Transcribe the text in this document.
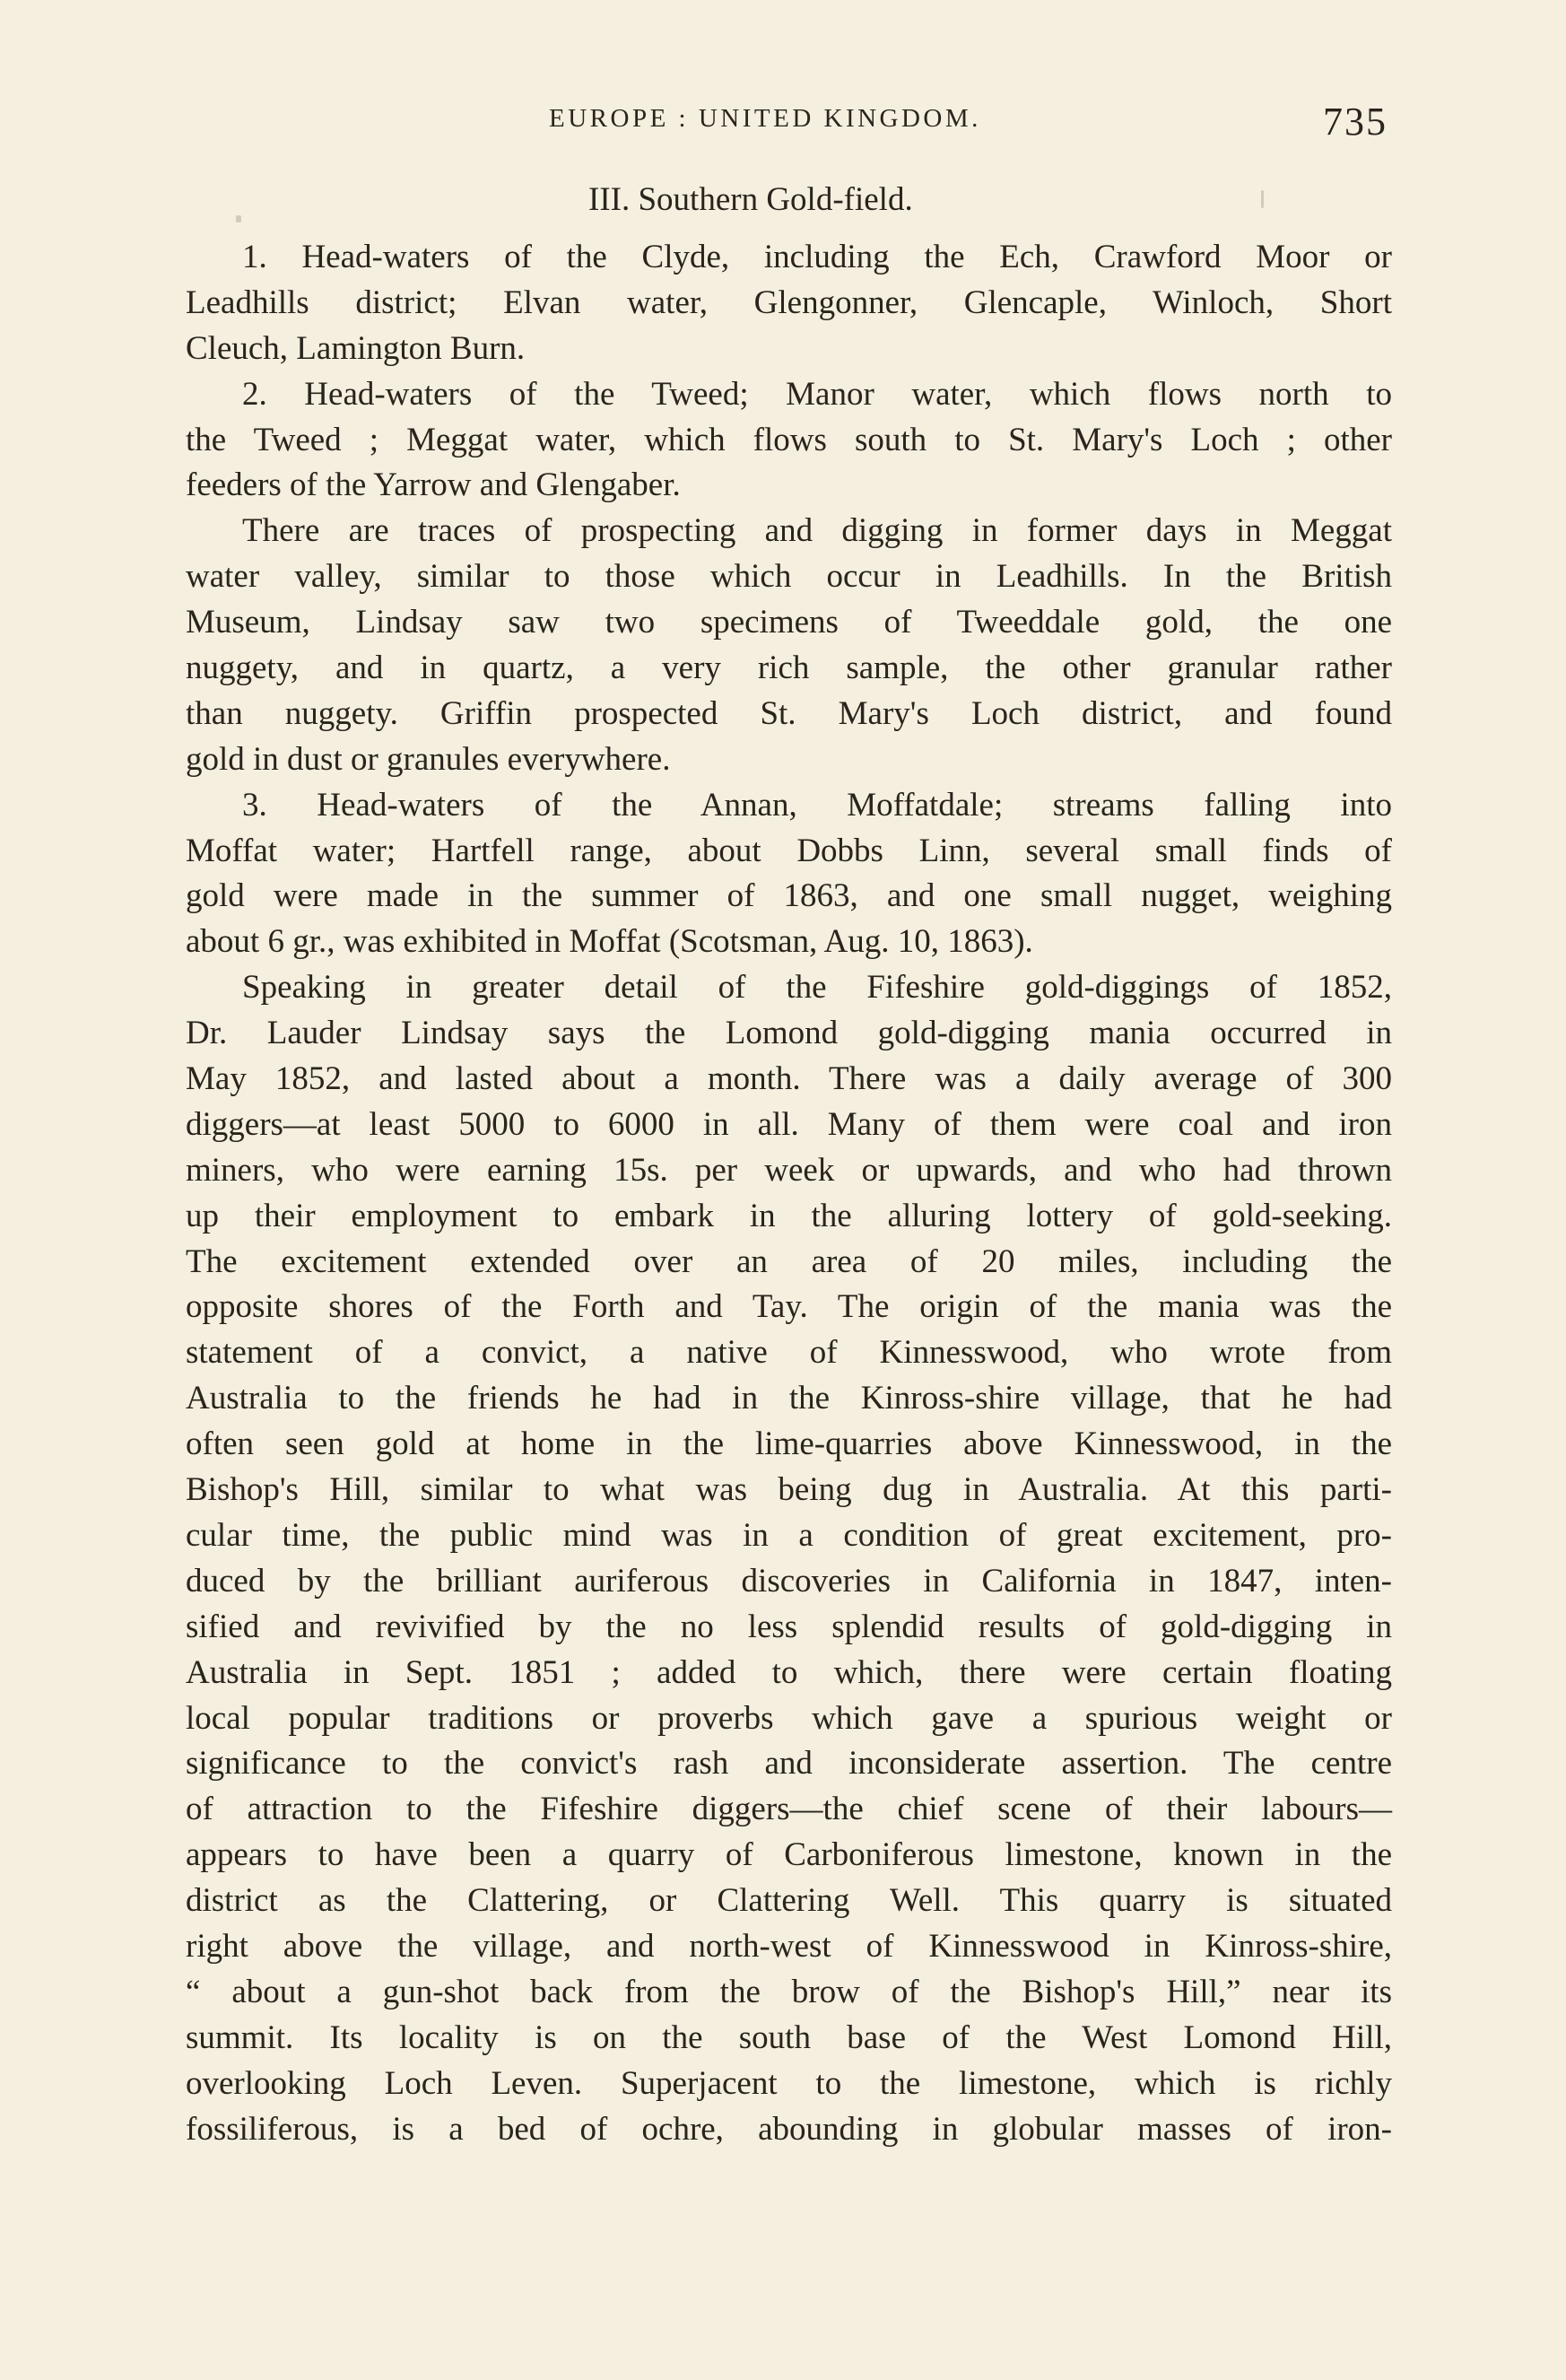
EUROPE : UNITED KINGDOM.	735
III. Southern Gold-field.
1. Head-waters of the Clyde, including the Ech, Crawford Moor or
Leadhills district; Elvan water, Glengonner, Glencaple, Winloch, Short
Cleuch, Lamington Burn.
2. Head-waters of the Tweed; Manor water, which flows north to
the Tweed ; Meggat water, which flows south to St. Mary's Loch ; other
feeders of the Yarrow and Glengaber.
There are traces of prospecting and digging in former days in Meggat
water valley, similar to those which occur in Leadhills. In the British
Museum, Lindsay saw two specimens of Tweeddale gold, the one
nuggety, and in quartz, a very rich sample, the other granular rather
than nuggety. Griffin prospected St. Mary's Loch district, and found
gold in dust or granules everywhere.
3. Head-waters of the Annan, Moffatdale; streams falling into
Moffat water; Hartfell range, about Dobbs Linn, several small finds of
gold were made in the summer of 1863, and one small nugget, weighing
about 6 gr., was exhibited in Moffat (Scotsman, Aug. 10, 1863).
Speaking in greater detail of the Fifeshire gold-diggings of 1852,
Dr. Lauder Lindsay says the Lomond gold-digging mania occurred in
May 1852, and lasted about a month. There was a daily average of 300
diggers—at least 5000 to 6000 in all. Many of them were coal and iron
miners, who were earning 15s. per week or upwards, and who had thrown
up their employment to embark in the alluring lottery of gold-seeking.
The excitement extended over an area of 20 miles, including the
opposite shores of the Forth and Tay. The origin of the mania was the
statement of a convict, a native of Kinnesswood, who wrote from
Australia to the friends he had in the Kinross-shire village, that he had
often seen gold at home in the lime-quarries above Kinnesswood, in the
Bishop's Hill, similar to what was being dug in Australia. At this parti-
cular time, the public mind was in a condition of great excitement, pro-
duced by the brilliant auriferous discoveries in California in 1847, inten-
sified and revivified by the no less splendid results of gold-digging in
Australia in Sept. 1851 ; added to which, there were certain floating
local popular traditions or proverbs which gave a spurious weight or
significance to the convict's rash and inconsiderate assertion. The centre
of attraction to the Fifeshire diggers—the chief scene of their labours—
appears to have been a quarry of Carboniferous limestone, known in the
district as the Clattering, or Clattering Well. This quarry is situated
right above the village, and north-west of Kinnesswood in Kinross-shire,
“ about a gun-shot back from the brow of the Bishop's Hill,” near its
summit. Its locality is on the south base of the West Lomond Hill,
overlooking Loch Leven. Superjacent to the limestone, which is richly
fossiliferous, is a bed of ochre, abounding in globular masses of iron-
